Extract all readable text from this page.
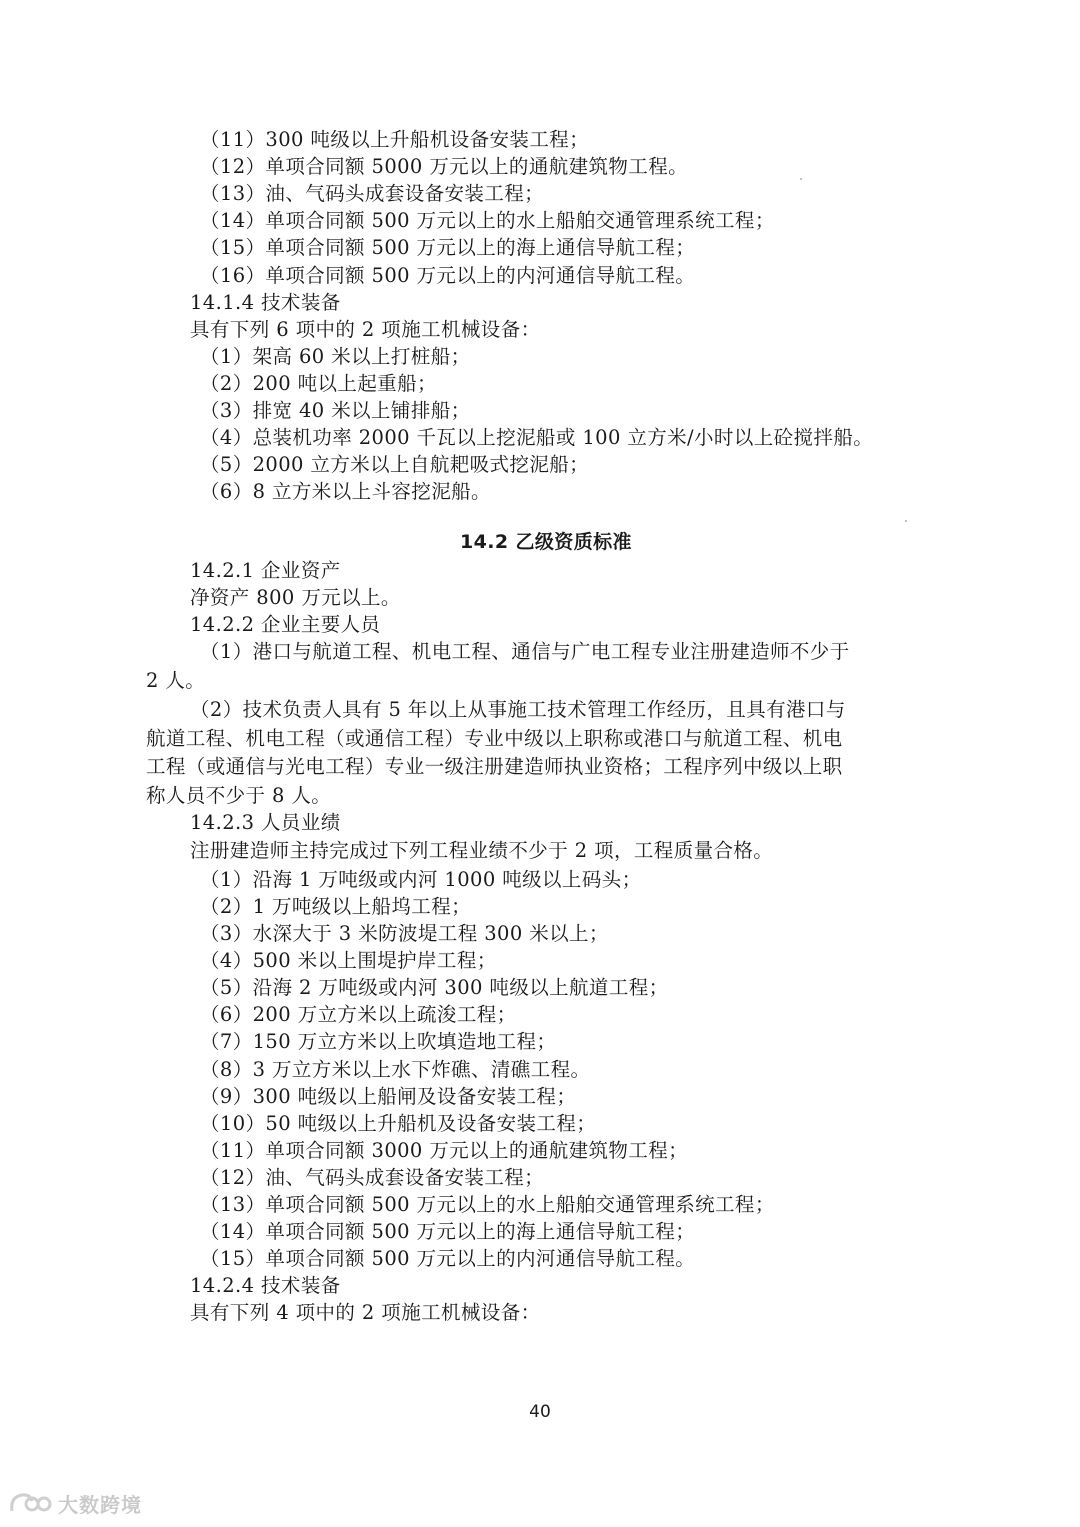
（11）300 吨级以上升船机设备安装工程；
（12）单项合同额 5000 万元以上的通航建筑物工程。
（13）油、气码头成套设备安装工程；
（14）单项合同额 500 万元以上的水上船舶交通管理系统工程；
（15）单项合同额 500 万元以上的海上通信导航工程；
（16）单项合同额 500 万元以上的内河通信导航工程。
14.1.4 技术装备
具有下列 6 项中的 2 项施工机械设备：
（1）架高 60 米以上打桩船；
（2）200 吨以上起重船；
（3）排宽 40 米以上铺排船；
（4）总装机功率 2000 千瓦以上挖泥船或 100 立方米/小时以上砼搅拌船。
（5）2000 立方米以上自航耙吸式挖泥船；
（6）8 立方米以上斗容挖泥船。
14.2 乙级资质标准
14.2.1 企业资产
净资产 800 万元以上。
14.2.2 企业主要人员
（1）港口与航道工程、机电工程、通信与广电工程专业注册建造师不少于
2 人。
（2）技术负责人具有 5 年以上从事施工技术管理工作经历，且具有港口与
航道工程、机电工程（或通信工程）专业中级以上职称或港口与航道工程、机电
工程（或通信与光电工程）专业一级注册建造师执业资格；工程序列中级以上职
称人员不少于 8 人。
14.2.3 人员业绩
注册建造师主持完成过下列工程业绩不少于 2 项，工程质量合格。
（1）沿海 1 万吨级或内河 1000 吨级以上码头；
（2）1 万吨级以上船坞工程；
（3）水深大于 3 米防波堤工程 300 米以上；
（4）500 米以上围堤护岸工程；
（5）沿海 2 万吨级或内河 300 吨级以上航道工程；
（6）200 万立方米以上疏浚工程；
（7）150 万立方米以上吹填造地工程；
（8）3 万立方米以上水下炸礁、清礁工程。
（9）300 吨级以上船闸及设备安装工程；
（10）50 吨级以上升船机及设备安装工程；
（11）单项合同额 3000 万元以上的通航建筑物工程；
（12）油、气码头成套设备安装工程；
（13）单项合同额 500 万元以上的水上船舶交通管理系统工程；
（14）单项合同额 500 万元以上的海上通信导航工程；
（15）单项合同额 500 万元以上的内河通信导航工程。
14.2.4 技术装备
具有下列 4 项中的 2 项施工机械设备：
40
大数跨境
